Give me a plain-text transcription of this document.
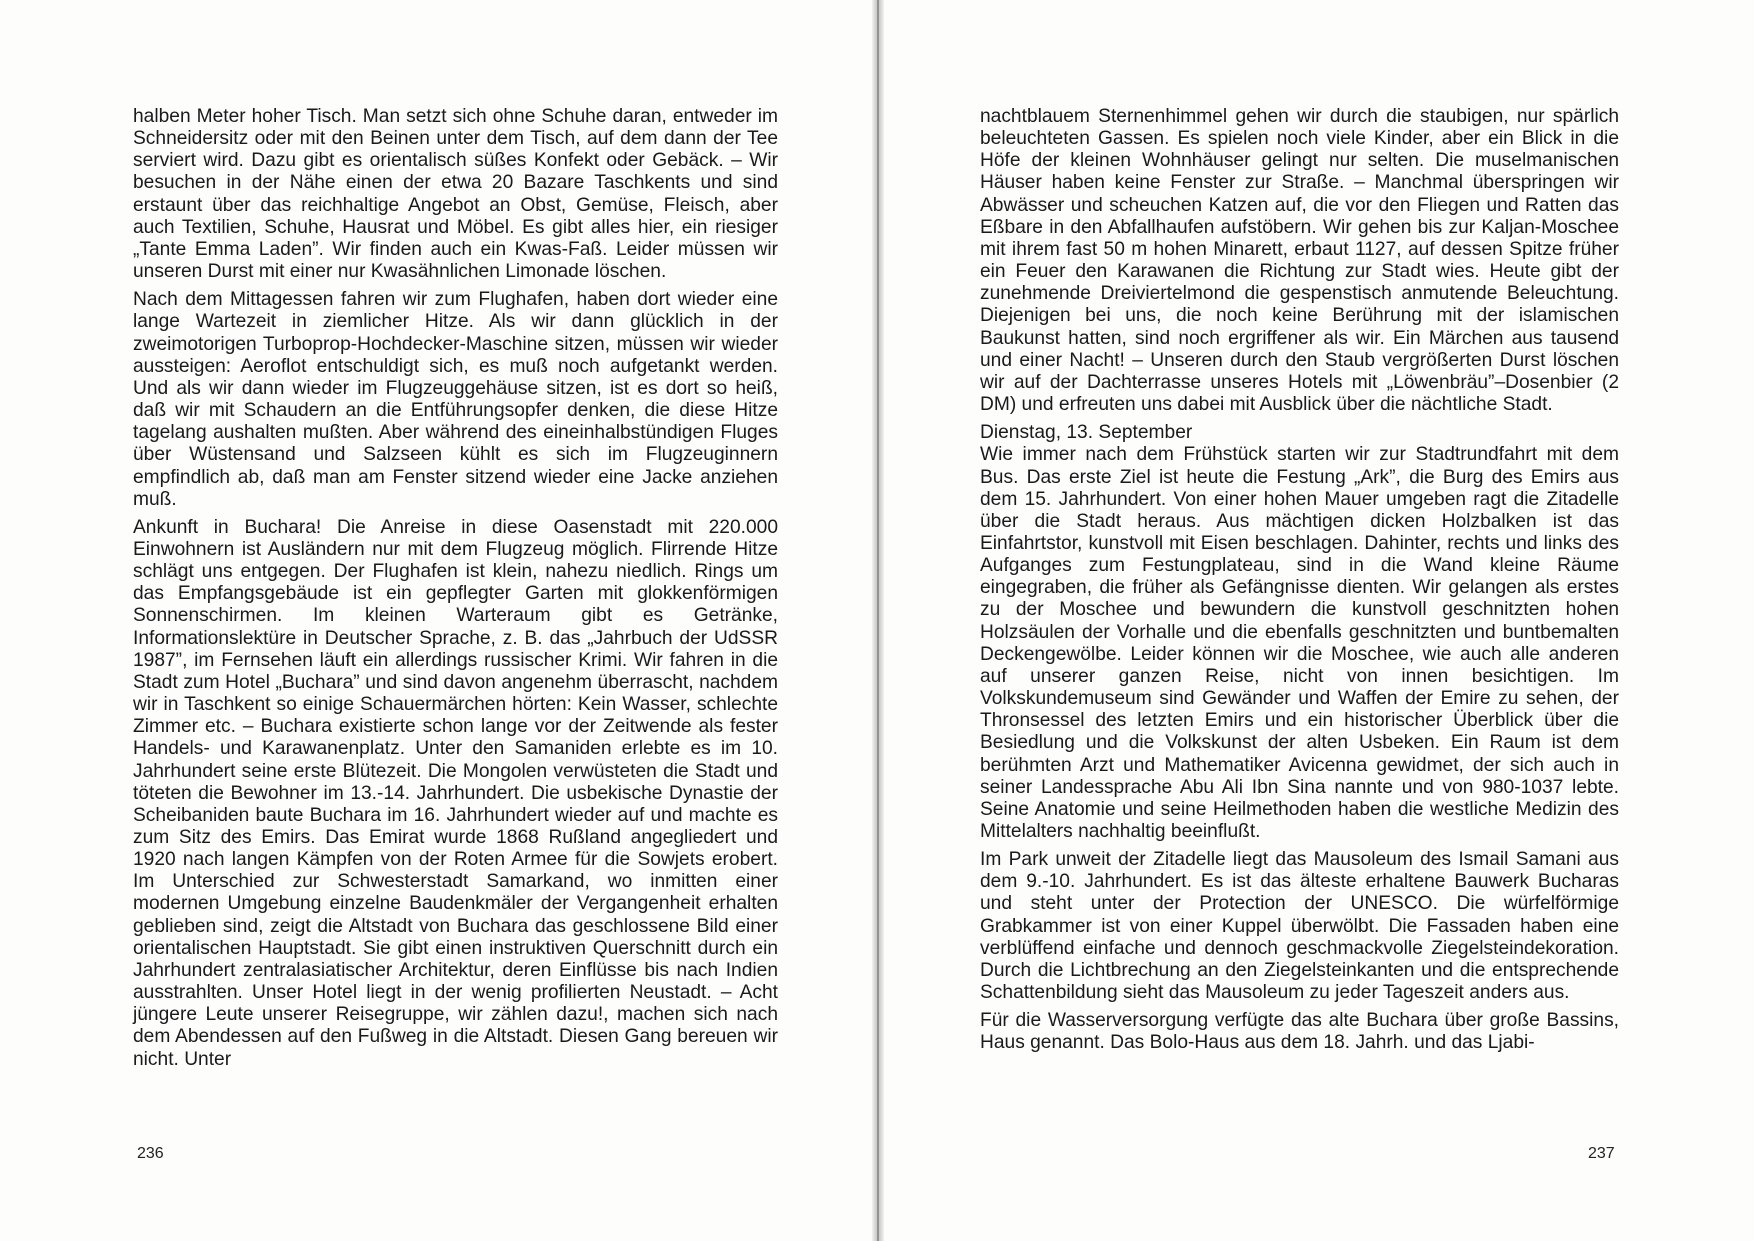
halben Meter hoher Tisch. Man setzt sich ohne Schuhe daran, entweder im Schneidersitz oder mit den Beinen unter dem Tisch, auf dem dann der Tee serviert wird. Dazu gibt es orientalisch süßes Konfekt oder Gebäck. – Wir besuchen in der Nähe einen der etwa 20 Bazare Taschkents und sind erstaunt über das reichhaltige Angebot an Obst, Gemüse, Fleisch, aber auch Textilien, Schuhe, Hausrat und Möbel. Es gibt alles hier, ein riesiger „Tante Emma Laden”. Wir finden auch ein Kwas-Faß. Leider müssen wir unseren Durst mit einer nur Kwasähnlichen Limonade löschen.

Nach dem Mittagessen fahren wir zum Flughafen, haben dort wieder eine lange Wartezeit in ziemlicher Hitze. Als wir dann glücklich in der zweimotorigen Turboprop-Hochdecker-Maschine sitzen, müssen wir wieder aussteigen: Aeroflot entschuldigt sich, es muß noch aufgetankt werden. Und als wir dann wieder im Flugzeuggehäuse sitzen, ist es dort so heiß, daß wir mit Schaudern an die Entführungsopfer denken, die diese Hitze tagelang aushalten mußten. Aber während des eineinhalbstündigen Fluges über Wüstensand und Salzseen kühlt es sich im Flugzeuginnern empfindlich ab, daß man am Fenster sitzend wieder eine Jacke anziehen muß.

Ankunft in Buchara! Die Anreise in diese Oasenstadt mit 220.000 Einwohnern ist Ausländern nur mit dem Flugzeug möglich. Flirrende Hitze schlägt uns entgegen. Der Flughafen ist klein, nahezu niedlich. Rings um das Empfangsgebäude ist ein gepflegter Garten mit glokkenförmigen Sonnenschirmen. Im kleinen Warteraum gibt es Getränke, Informationslektüre in Deutscher Sprache, z. B. das „Jahrbuch der UdSSR 1987”, im Fernsehen läuft ein allerdings russischer Krimi. Wir fahren in die Stadt zum Hotel „Buchara” und sind davon angenehm überrascht, nachdem wir in Taschkent so einige Schauermärchen hörten: Kein Wasser, schlechte Zimmer etc. – Buchara existierte schon lange vor der Zeitwende als fester Handels- und Karawanenplatz. Unter den Samaniden erlebte es im 10. Jahrhundert seine erste Blütezeit. Die Mongolen verwüsteten die Stadt und töteten die Bewohner im 13.-14. Jahrhundert. Die usbekische Dynastie der Scheibaniden baute Buchara im 16. Jahrhundert wieder auf und machte es zum Sitz des Emirs. Das Emirat wurde 1868 Rußland angegliedert und 1920 nach langen Kämpfen von der Roten Armee für die Sowjets erobert. Im Unterschied zur Schwesterstadt Samarkand, wo inmitten einer modernen Umgebung einzelne Baudenkmäler der Vergangenheit erhalten geblieben sind, zeigt die Altstadt von Buchara das geschlossene Bild einer orientalischen Hauptstadt. Sie gibt einen instruktiven Querschnitt durch ein Jahrhundert zentralasiatischer Architektur, deren Einflüsse bis nach Indien ausstrahlten. Unser Hotel liegt in der wenig profilierten Neustadt. – Acht jüngere Leute unserer Reisegruppe, wir zählen dazu!, machen sich nach dem Abendessen auf den Fußweg in die Altstadt. Diesen Gang bereuen wir nicht. Unter

236

nachtblauem Sternenhimmel gehen wir durch die staubigen, nur spärlich beleuchteten Gassen. Es spielen noch viele Kinder, aber ein Blick in die Höfe der kleinen Wohnhäuser gelingt nur selten. Die muselmanischen Häuser haben keine Fenster zur Straße. – Manchmal überspringen wir Abwässer und scheuchen Katzen auf, die vor den Fliegen und Ratten das Eßbare in den Abfallhaufen aufstöbern. Wir gehen bis zur Kaljan-Moschee mit ihrem fast 50 m hohen Minarett, erbaut 1127, auf dessen Spitze früher ein Feuer den Karawanen die Richtung zur Stadt wies. Heute gibt der zunehmende Dreiviertelmond die gespenstisch anmutende Beleuchtung. Diejenigen bei uns, die noch keine Berührung mit der islamischen Baukunst hatten, sind noch ergriffener als wir. Ein Märchen aus tausend und einer Nacht! – Unseren durch den Staub vergrößerten Durst löschen wir auf der Dachterrasse unseres Hotels mit „Löwenbräu”–Dosenbier (2 DM) und erfreuten uns dabei mit Ausblick über die nächtliche Stadt.

Dienstag, 13. September

Wie immer nach dem Frühstück starten wir zur Stadtrundfahrt mit dem Bus. Das erste Ziel ist heute die Festung „Ark”, die Burg des Emirs aus dem 15. Jahrhundert. Von einer hohen Mauer umgeben ragt die Zitadelle über die Stadt heraus. Aus mächtigen dicken Holzbalken ist das Einfahrtstor, kunstvoll mit Eisen beschlagen. Dahinter, rechts und links des Aufganges zum Festungplateau, sind in die Wand kleine Räume eingegraben, die früher als Gefängnisse dienten. Wir gelangen als erstes zu der Moschee und bewundern die kunstvoll geschnitzten hohen Holzsäulen der Vorhalle und die ebenfalls geschnitzten und buntbemalten Deckengewölbe. Leider können wir die Moschee, wie auch alle anderen auf unserer ganzen Reise, nicht von innen besichtigen. Im Volkskundemuseum sind Gewänder und Waffen der Emire zu sehen, der Thronsessel des letzten Emirs und ein historischer Überblick über die Besiedlung und die Volkskunst der alten Usbeken. Ein Raum ist dem berühmten Arzt und Mathematiker Avicenna gewidmet, der sich auch in seiner Landessprache Abu Ali Ibn Sina nannte und von 980-1037 lebte. Seine Anatomie und seine Heilmethoden haben die westliche Medizin des Mittelalters nachhaltig beeinflußt.

Im Park unweit der Zitadelle liegt das Mausoleum des Ismail Samani aus dem 9.-10. Jahrhundert. Es ist das älteste erhaltene Bauwerk Bucharas und steht unter der Protection der UNESCO. Die würfelförmige Grabkammer ist von einer Kuppel überwölbt. Die Fassaden haben eine verblüffend einfache und dennoch geschmackvolle Ziegelsteindekoration. Durch die Lichtbrechung an den Ziegelsteinkanten und die entsprechende Schattenbildung sieht das Mausoleum zu jeder Tageszeit anders aus.

Für die Wasserversorgung verfügte das alte Buchara über große Bassins, Haus genannt. Das Bolo-Haus aus dem 18. Jahrh. und das Ljabi-

237
